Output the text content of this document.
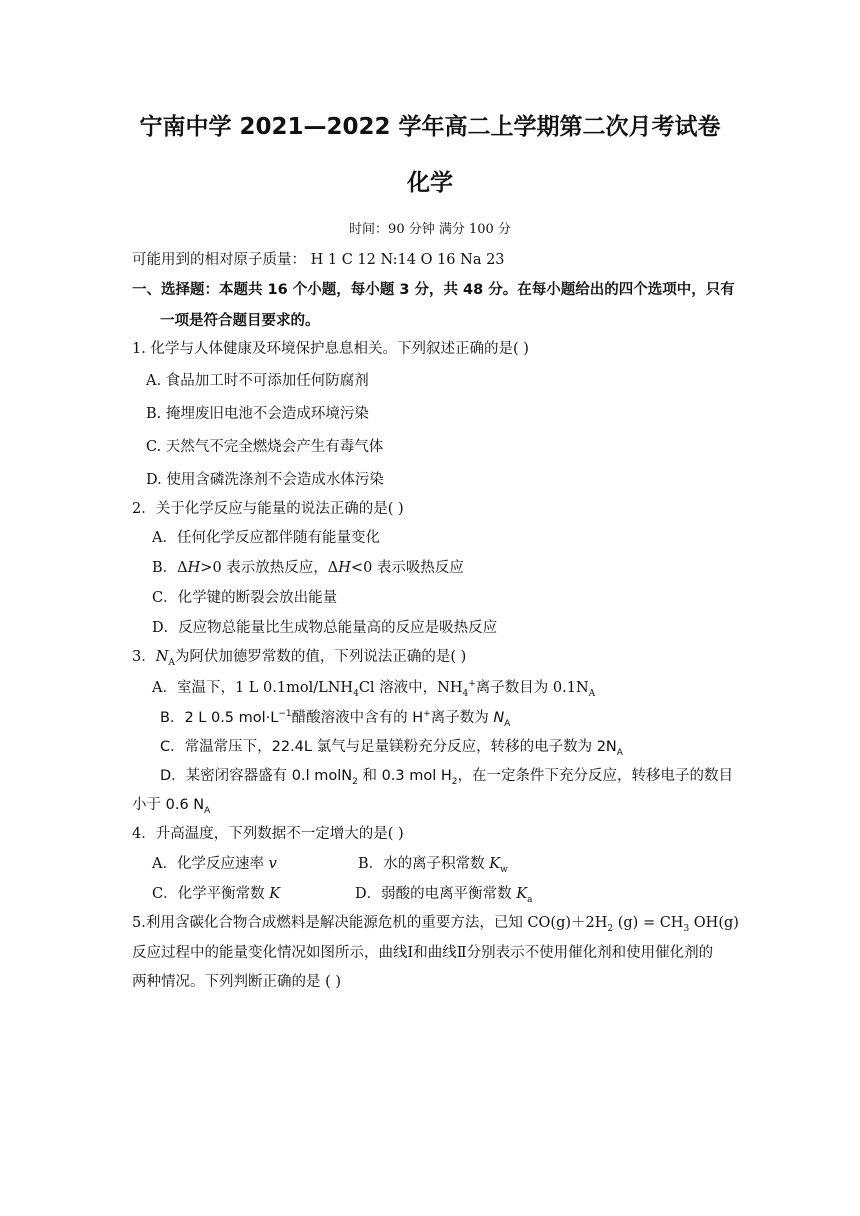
宁南中学 2021—2022 学年高二上学期第二次月考试卷
化学
时间：90 分钟 满分 100 分
可能用到的相对原子质量： H 1 C 12 N:14 O 16 Na 23
一、选择题：本题共 16 个小题，每小题 3 分，共 48 分。在每小题给出的四个选项中，只有
一项是符合题目要求的。
1. 化学与人体健康及环境保护息息相关。下列叙述正确的是( )
A. 食品加工时不可添加任何防腐剂
B. 掩埋废旧电池不会造成环境污染
C. 天然气不完全燃烧会产生有毒气体
D. 使用含磷洗涤剂不会造成水体污染
2．关于化学反应与能量的说法正确的是( )
A．任何化学反应都伴随有能量变化
B．ΔH>0 表示放热反应，ΔH<0 表示吸热反应
C．化学键的断裂会放出能量
D．反应物总能量比生成物总能量高的反应是吸热反应
3．$N_A$为阿伏加德罗常数的值，下列说法正确的是( )
A．室温下，1 L $0.1mol/LNH_4Cl$ 溶液中，$NH_4^+$离子数目为 $0.1N_A$
B．2 L 0.5 $mol\cdot L^{-1}$醋酸溶液中含有的 H+离子数为 $N_A$
C．常温常压下，22.4L 氯气与足量镁粉充分反应，转移的电子数为 $2N_A$
D．某密闭容器盛有 0.l molN$_2$ 和 0.3 mol $H_2$，在一定条件下充分反应，转移电子的数目
小于 0.6 $N_A$
4．升高温度，下列数据不一定增大的是( )
A．化学反应速率 v	B．水的离子积常数 $K_w$
C．化学平衡常数 K	D．弱酸的电离平衡常数 $K_a$
5.利用含碳化合物合成燃料是解决能源危机的重要方法，已知 $CO(g)+2H_2$ $(g) = CH_3$ OH(g)
反应过程中的能量变化情况如图所示，曲线Ⅰ和曲线Ⅱ分别表示不使用催化剂和使用催化剂的
两种情况。下列判断正确的是 ( )
